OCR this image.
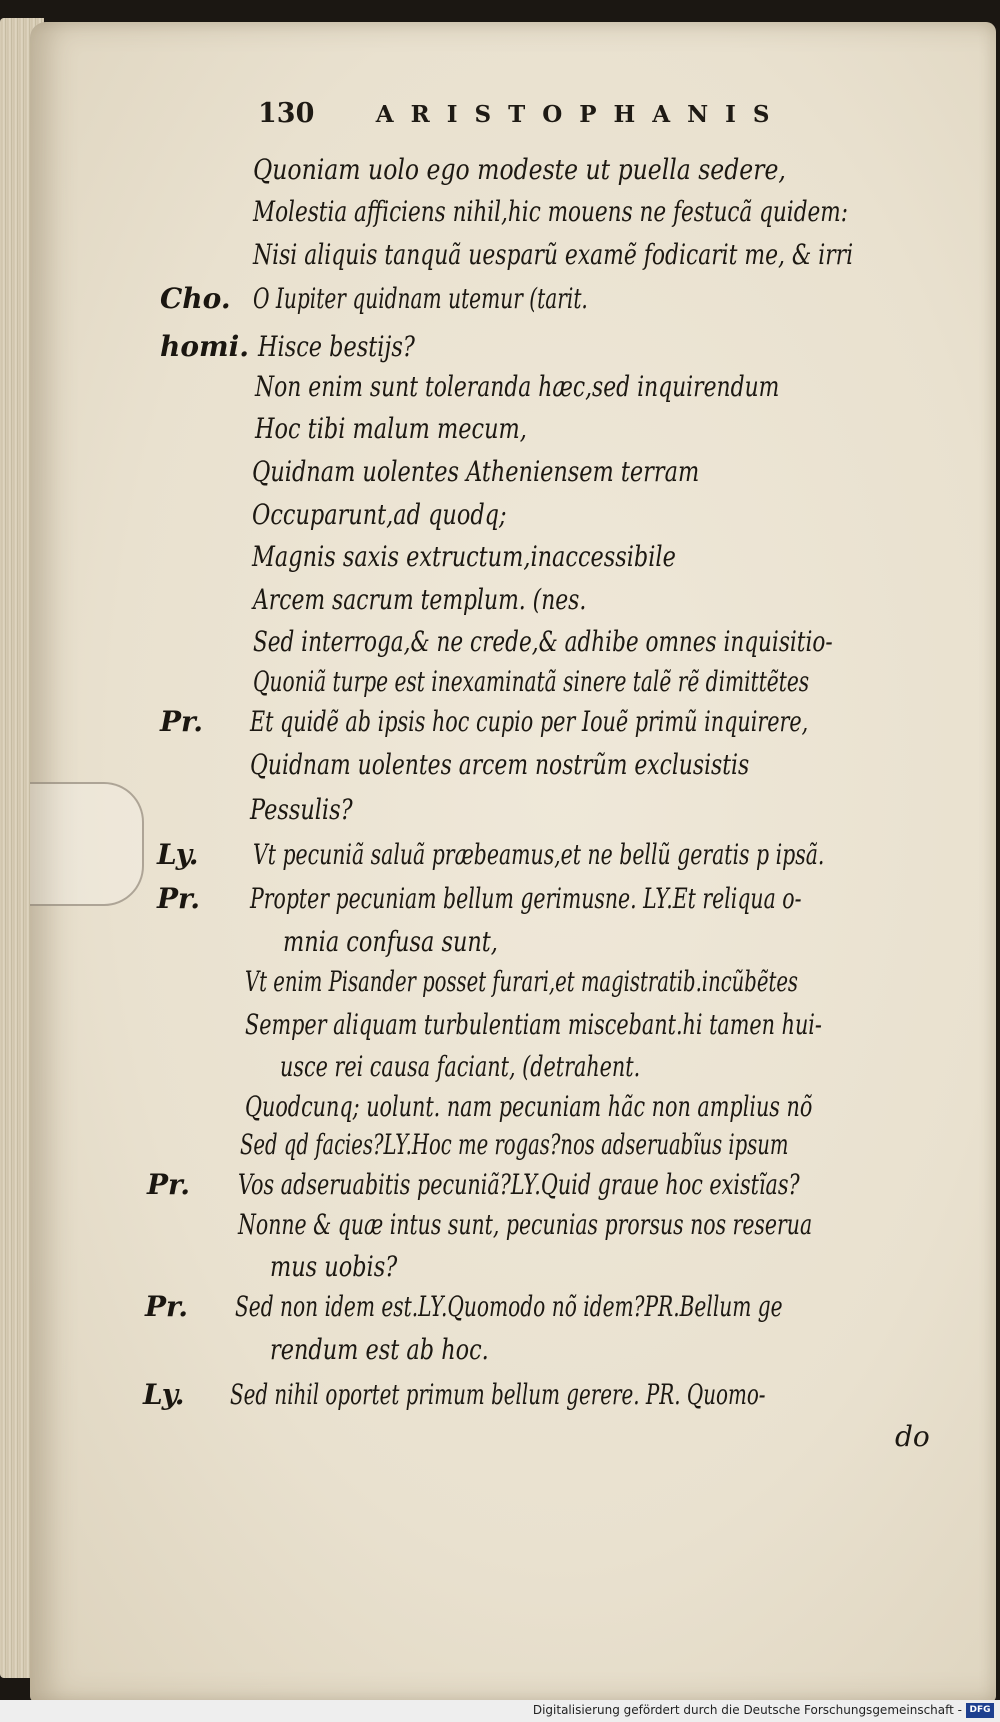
130	ARISTOPHANIS
Cho.
homi.
Pr.
Ly.
Pr.
Pr.
Pr.
Ly.
Quoniam uolo ego modeste ut puella sedere,
Molestia afficiens nihil,hic mouens ne festucã quidem:
Nisi aliquis tanquã uesparũ examẽ fodicarit me, & irri
O Iupiter quidnam utemur (tarit.
Hisce bestijs?
Non enim sunt toleranda hæc,sed inquirendum
Hoc tibi malum mecum,
Quidnam uolentes Atheniensem terram
Occuparunt,ad quodq;
Magnis saxis extructum,inaccessibile
Arcem sacrum templum. (nes.
Sed interroga,& ne crede,& adhibe omnes inquisitio-
Quoniã turpe est inexaminatã sinere talẽ rẽ dimittẽtes
Et quidẽ ab ipsis hoc cupio per Iouẽ primũ inquirere,
Quidnam uolentes arcem nostrũm exclusistis
Pessulis?
Vt pecuniã saluã præbeamus,et ne bellũ geratis p ipsã.
Propter pecuniam bellum gerimusne. LY.Et reliqua o-
mnia confusa sunt,
Vt enim Pisander posset furari,et magistratib.incũbẽtes
Semper aliquam turbulentiam miscebant.hi tamen hui-
usce rei causa faciant, (detrahent.
Quodcunq; uolunt. nam pecuniam hãc non amplius nõ
Sed qd facies?LY.Hoc me rogas?nos adseruabĩus ipsum
Vos adseruabitis pecuniã?LY.Quid graue hoc existĩas?
Nonne & quæ intus sunt, pecunias prorsus nos reserua
mus uobis?
Sed non idem est.LY.Quomodo nõ idem?PR.Bellum ge
rendum est ab hoc.
Sed nihil oportet primum bellum gerere. PR. Quomo-
do
Digitalisierung gefördert durch die Deutsche Forschungsgemeinschaft - DFG
